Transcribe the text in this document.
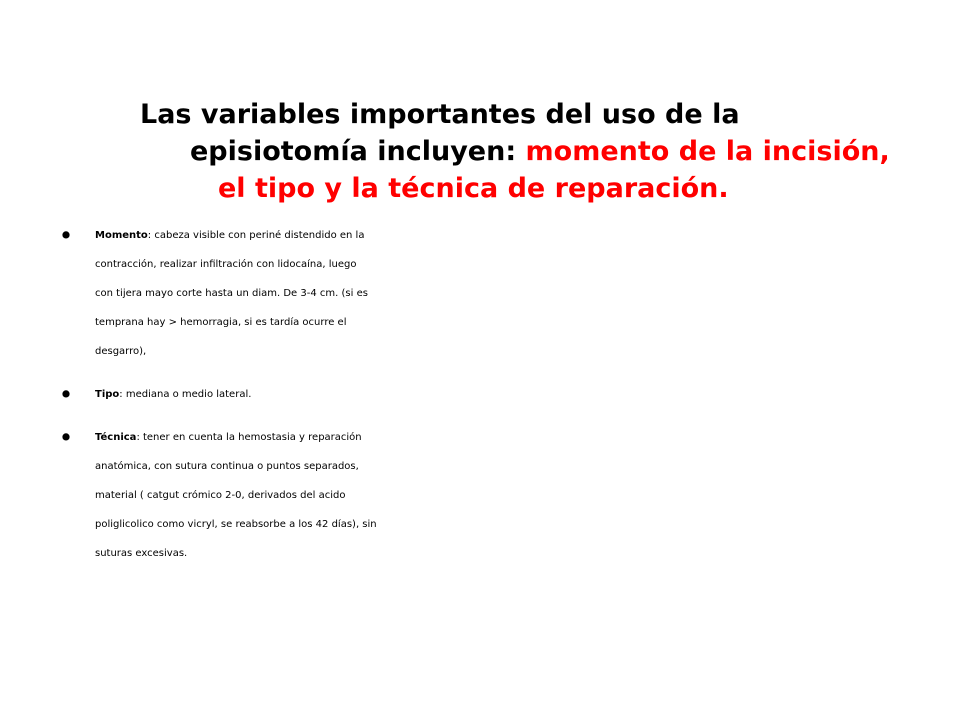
Las variables importantes del uso de la
episiotomía incluyen: momento de la incisión,
el tipo y la técnica de reparación.
• Momento: cabeza visible con periné distendido en la
contracción, realizar infiltración con lidocaína, luego
con tijera mayo corte hasta un diam. De 3-4 cm. (si es
temprana hay > hemorragia, si es tardía ocurre el
desgarro),
• Tipo: mediana o medio lateral.
• Técnica: tener en cuenta la hemostasia y reparación
anatómica, con sutura continua o puntos separados,
material ( catgut crómico 2-0, derivados del acido
poliglicolico como vicryl, se reabsorbe a los 42 días), sin
suturas excesivas.
